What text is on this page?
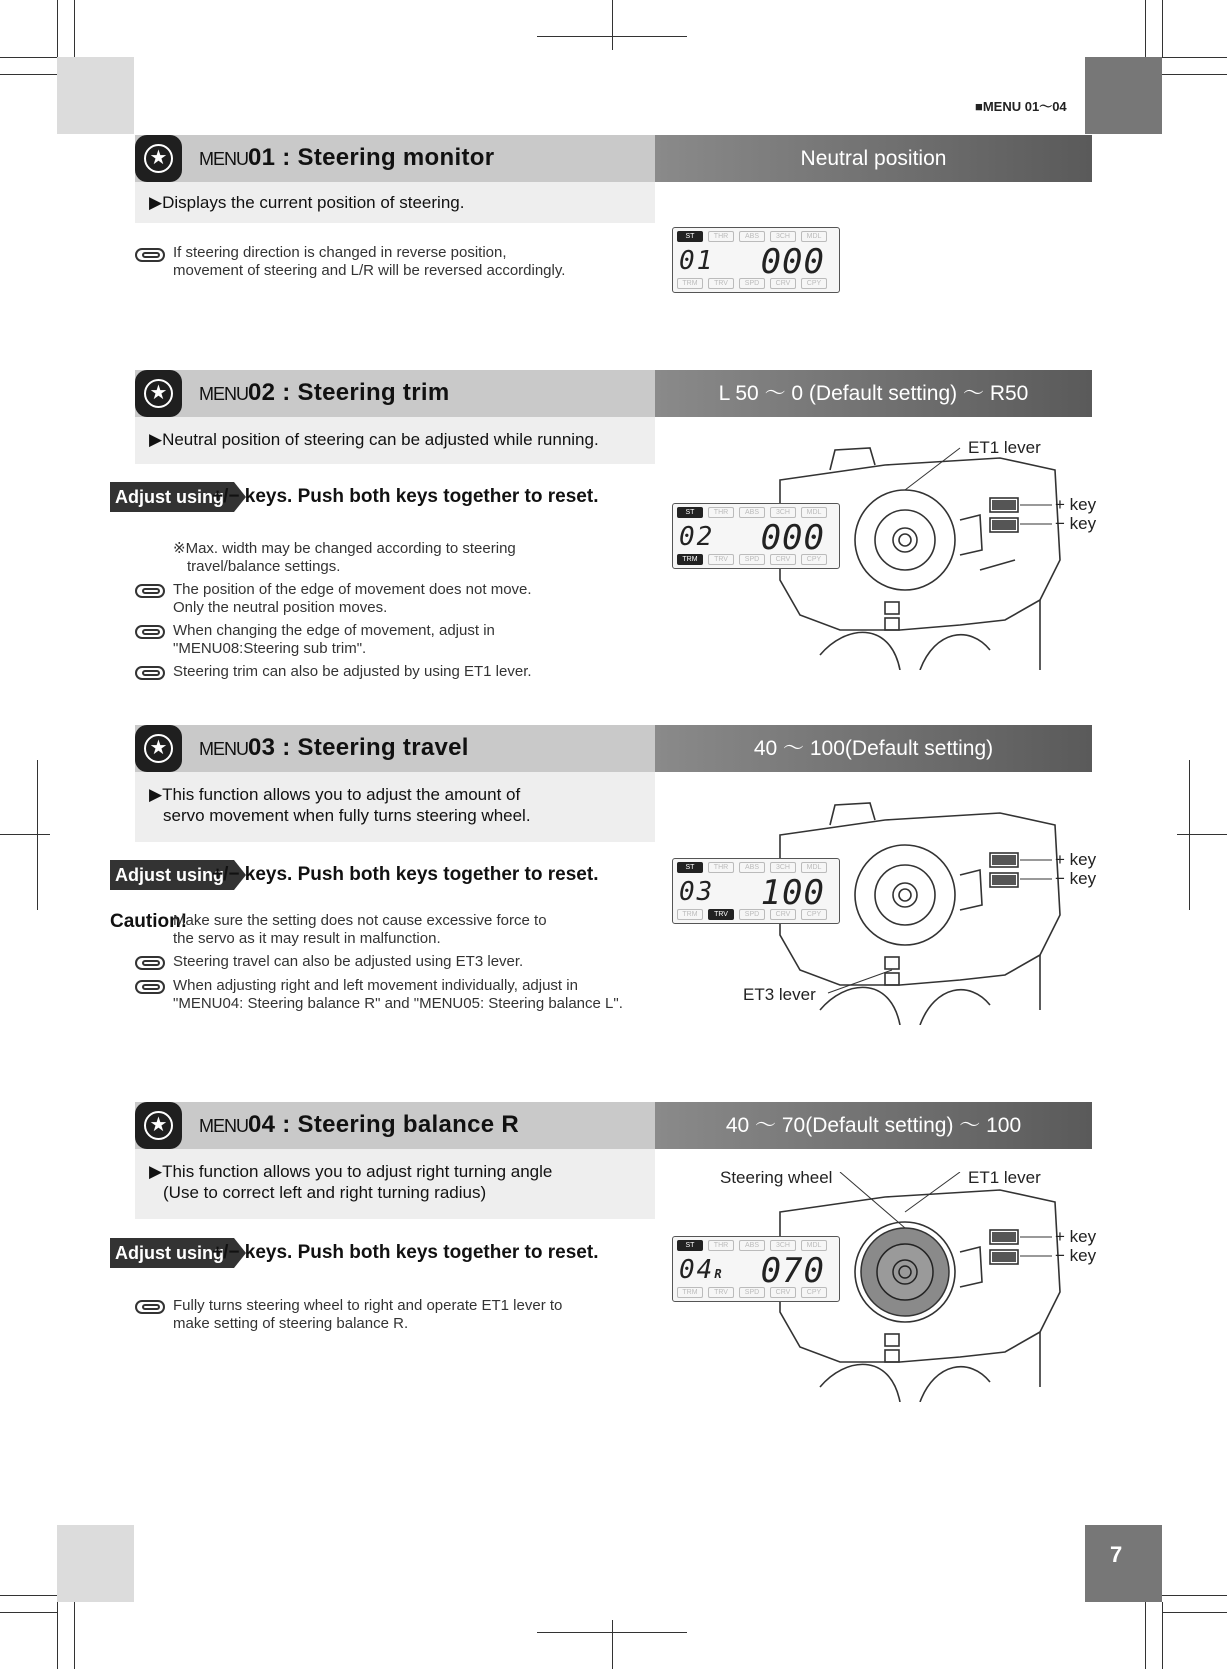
■MENU 01〜04
7
★	MENU01 : Steering monitor	Neutral position
▶Displays the current position of steering.
If steering direction is changed in reverse position,
movement of steering and L/R will be reversed accordingly.
ST	THR	ABS	3CH	MDL
01 000
TRM	TRV	SPD	CRV	CPY
★	MENU02 : Steering trim	L 50 〜 0 (Default setting) 〜 R50
▶Neutral position of steering can be adjusted while running.
Adjust using
+/− keys. Push both keys together to reset.
※Max. width may be changed according to steering
travel/balance settings.
The position of the edge of movement does not move.
Only the neutral position moves.
When changing the edge of movement, adjust in
"MENU08:Steering sub trim".
Steering trim can also be adjusted by using ET1 lever.
ST	THR	ABS	3CH	MDL
02 000
TRM	TRV	SPD	CRV	CPY
ET1 lever
+ key
− key
★	MENU03 : Steering travel	40 〜 100(Default setting)
▶This function allows you to adjust the amount of
servo movement when fully turns steering wheel.
Adjust using
+/− keys. Push both keys together to reset.
Caution!
Make sure the setting does not cause excessive force to
the servo as it may result in malfunction.
Steering travel can also be adjusted using ET3 lever.
When adjusting right and left movement individually, adjust in
"MENU04: Steering balance R" and "MENU05: Steering balance L".
ST	THR	ABS	3CH	MDL
03 100
TRM	TRV	SPD	CRV	CPY
ET3 lever
+ key
− key
★	MENU04 : Steering balance R	40 〜 70(Default setting) 〜 100
▶This function allows you to adjust right turning angle
(Use to correct left and right turning radius)
Adjust using
+/− keys. Push both keys together to reset.
Fully turns steering wheel to right and operate ET1 lever to
make setting of steering balance R.
ST	THR	ABS	3CH	MDL
04R 070
TRM	TRV	SPD	CRV	CPY
Steering wheel	ET1 lever
+ key
− key
